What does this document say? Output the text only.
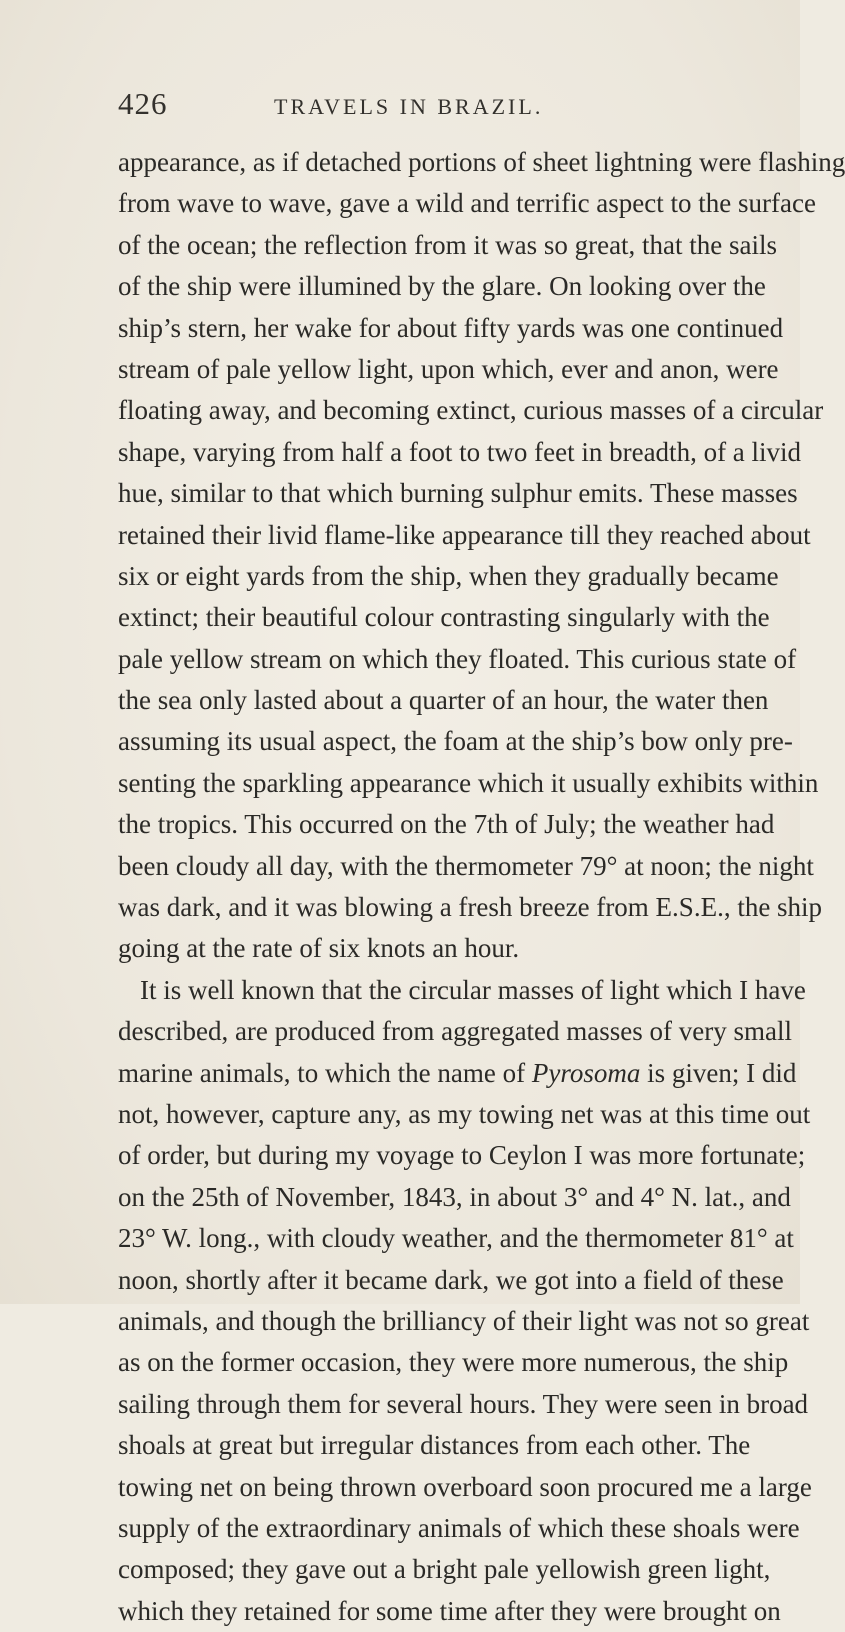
426	TRAVELS IN BRAZIL.
appearance, as if detached portions of sheet lightning were flashing
from wave to wave, gave a wild and terrific aspect to the surface
of the ocean; the reflection from it was so great, that the sails
of the ship were illumined by the glare. On looking over the
ship’s stern, her wake for about fifty yards was one continued
stream of pale yellow light, upon which, ever and anon, were
floating away, and becoming extinct, curious masses of a circular
shape, varying from half a foot to two feet in breadth, of a livid
hue, similar to that which burning sulphur emits. These masses
retained their livid flame-like appearance till they reached about
six or eight yards from the ship, when they gradually became
extinct; their beautiful colour contrasting singularly with the
pale yellow stream on which they floated. This curious state of
the sea only lasted about a quarter of an hour, the water then
assuming its usual aspect, the foam at the ship’s bow only pre-
senting the sparkling appearance which it usually exhibits within
the tropics. This occurred on the 7th of July; the weather had
been cloudy all day, with the thermometer 79° at noon; the night
was dark, and it was blowing a fresh breeze from E.S.E., the ship
going at the rate of six knots an hour.
It is well known that the circular masses of light which I have
described, are produced from aggregated masses of very small
marine animals, to which the name of Pyrosoma is given; I did
not, however, capture any, as my towing net was at this time out
of order, but during my voyage to Ceylon I was more fortunate;
on the 25th of November, 1843, in about 3° and 4° N. lat., and
23° W. long., with cloudy weather, and the thermometer 81° at
noon, shortly after it became dark, we got into a field of these
animals, and though the brilliancy of their light was not so great
as on the former occasion, they were more numerous, the ship
sailing through them for several hours. They were seen in broad
shoals at great but irregular distances from each other. The
towing net on being thrown overboard soon procured me a large
supply of the extraordinary animals of which these shoals were
composed; they gave out a bright pale yellowish green light,
which they retained for some time after they were brought on
